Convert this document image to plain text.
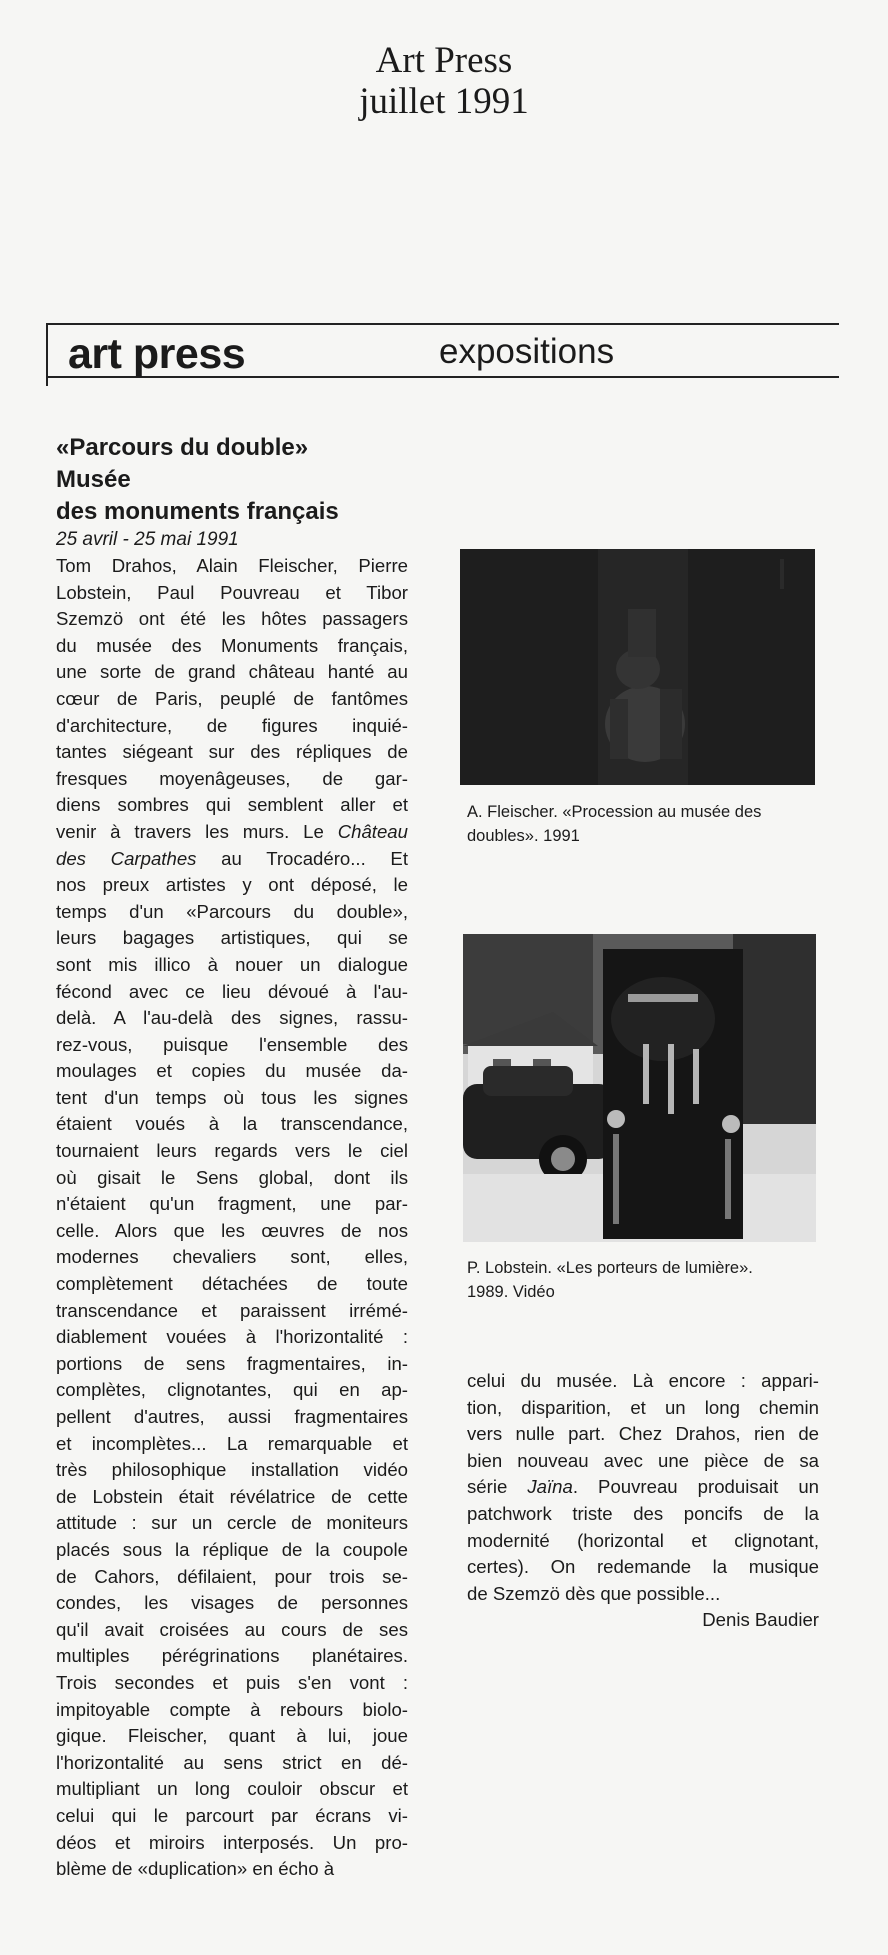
Art Press
juillet 1991
art press	expositions
«Parcours du double»
Musée
des monuments français
25 avril - 25 mai 1991
Tom Drahos, Alain Fleischer, Pierre
Lobstein, Paul Pouvreau et Tibor
Szemzö ont été les hôtes passagers
du musée des Monuments français,
une sorte de grand château hanté au
cœur de Paris, peuplé de fantômes
d'architecture, de figures inquié-
tantes siégeant sur des répliques de
fresques moyenâgeuses, de gar-
diens sombres qui semblent aller et
venir à travers les murs. Le Château
des Carpathes au Trocadéro... Et
nos preux artistes y ont déposé, le
temps d'un «Parcours du double»,
leurs bagages artistiques, qui se
sont mis illico à nouer un dialogue
fécond avec ce lieu dévoué à l'au-
delà. A l'au-delà des signes, rassu-
rez-vous, puisque l'ensemble des
moulages et copies du musée da-
tent d'un temps où tous les signes
étaient voués à la transcendance,
tournaient leurs regards vers le ciel
où gisait le Sens global, dont ils
n'étaient qu'un fragment, une par-
celle. Alors que les œuvres de nos
modernes chevaliers sont, elles,
complètement détachées de toute
transcendance et paraissent irrémé-
diablement vouées à l'horizontalité :
portions de sens fragmentaires, in-
complètes, clignotantes, qui en ap-
pellent d'autres, aussi fragmentaires
et incomplètes... La remarquable et
très philosophique installation vidéo
de Lobstein était révélatrice de cette
attitude : sur un cercle de moniteurs
placés sous la réplique de la coupole
de Cahors, défilaient, pour trois se-
condes, les visages de personnes
qu'il avait croisées au cours de ses
multiples pérégrinations planétaires.
Trois secondes et puis s'en vont :
impitoyable compte à rebours biolo-
gique. Fleischer, quant à lui, joue
l'horizontalité au sens strict en dé-
multipliant un long couloir obscur et
celui qui le parcourt par écrans vi-
déos et miroirs interposés. Un pro-
blème de «duplication» en écho à
A. Fleischer. «Procession au musée des
doubles». 1991
P. Lobstein. «Les porteurs de lumière».
1989. Vidéo
celui du musée. Là encore : appari-
tion, disparition, et un long chemin
vers nulle part. Chez Drahos, rien de
bien nouveau avec une pièce de sa
série Jaïna. Pouvreau produisait un
patchwork triste des poncifs de la
modernité (horizontal et clignotant,
certes). On redemande la musique
de Szemzö dès que possible...
Denis Baudier
